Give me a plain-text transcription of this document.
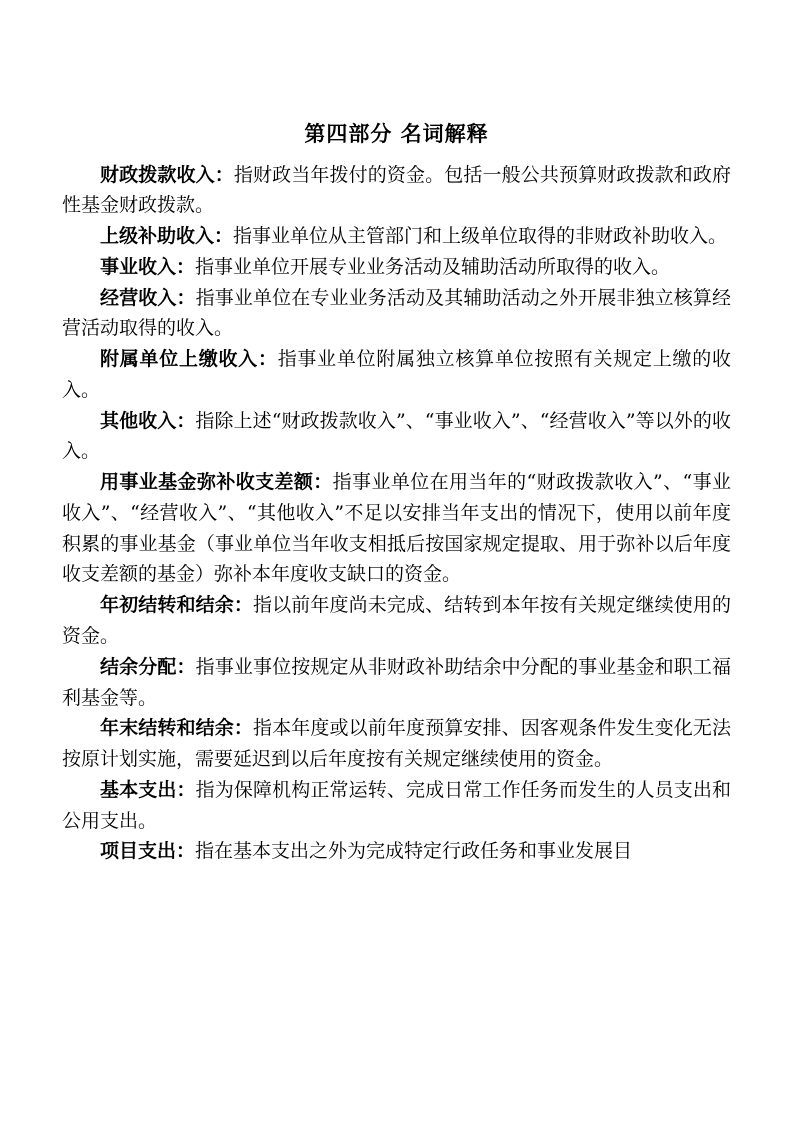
第四部分 名词解释

财政拨款收入：指财政当年拨付的资金。包括一般公共预算财政拨款和政府性基金财政拨款。

上级补助收入：指事业单位从主管部门和上级单位取得的非财政补助收入。

事业收入：指事业单位开展专业业务活动及辅助活动所取得的收入。

经营收入：指事业单位在专业业务活动及其辅助活动之外开展非独立核算经营活动取得的收入。

附属单位上缴收入：指事业单位附属独立核算单位按照有关规定上缴的收入。

其他收入：指除上述“财政拨款收入”、“事业收入”、“经营收入”等以外的收入。

用事业基金弥补收支差额：指事业单位在用当年的“财政拨款收入”、“事业收入”、“经营收入”、“其他收入”不足以安排当年支出的情况下，使用以前年度积累的事业基金（事业单位当年收支相抵后按国家规定提取、用于弥补以后年度收支差额的基金）弥补本年度收支缺口的资金。

年初结转和结余：指以前年度尚未完成、结转到本年按有关规定继续使用的资金。

结余分配：指事业事位按规定从非财政补助结余中分配的事业基金和职工福利基金等。

年末结转和结余：指本年度或以前年度预算安排、因客观条件发生变化无法按原计划实施，需要延迟到以后年度按有关规定继续使用的资金。

基本支出：指为保障机构正常运转、完成日常工作任务而发生的人员支出和公用支出。

项目支出：指在基本支出之外为完成特定行政任务和事业发展目
